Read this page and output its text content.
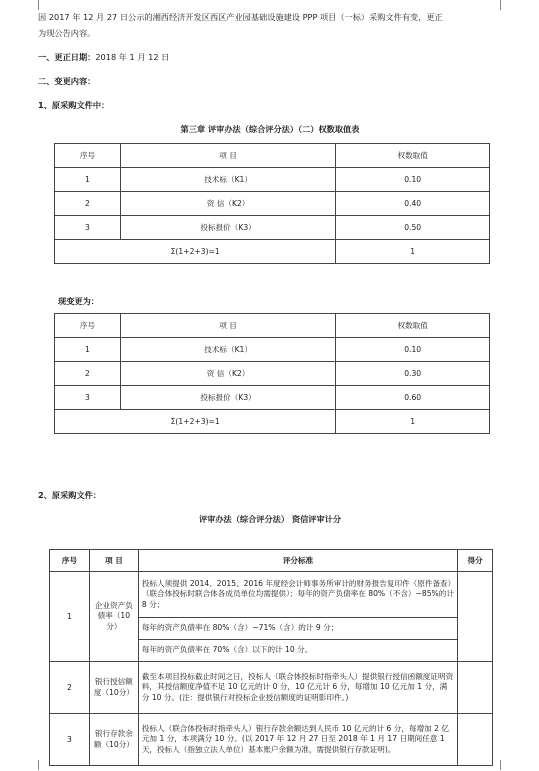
因 2017 年 12 月 27 日公示的湘西经济开发区西区产业园基础设施建设 PPP 项目（一标）采购文件有变，更正
为现公告内容。
一、更正日期：2018 年 1 月 12 日
二、变更内容：
1、原采购文件中：
第三章 评审办法（综合评分法）（二）权数取值表
序号	项 目	权数取值
1	技术标（K1）	0.10
2	资 信（K2）	0.40
3	投标报价（K3）	0.50
Σ(1+2+3)=1		1
现变更为：
序号	项 目	权数取值
1	技术标（K1）	0.10
2	资 信（K2）	0.30
3	投标报价（K3）	0.60
Σ(1+2+3)=1		1
2、原采购文件：
评审办法（综合评分法） 资信评审计分
序号	项 目	评分标准	得分
1	企业资产负债率（10分）	投标人须提供 2014、2015、2016 年度经会计师事务所审计的财务报告复印件（原件备查）（联合体投标时联合体各成员单位均需提供）；每年的资产负债率在 80%（不含）~85%的计 8 分；	
		每年的资产负债率在 80%（含）~71%（含）的计 9 分；	
		每年的资产负债率在 70%（含）以下的计 10 分。	
2	银行授信额度（10分）	截至本项目投标截止时间之日，投标人（联合体投标时指牵头人）提供银行授信函额度证明资料，其授信额度净值不足 10 亿元的计 0 分，10 亿元计 6 分，每增加 10 亿元加 1 分，满分 10 分。(注：提供银行对投标企业授信额度的证明影印件。)	
3	银行存款余额（10分）	投标人（联合体投标时指牵头人）银行存款余额达到人民币 10 亿元的计 6 分，每增加 2 亿元加 1 分，本项满分 10 分。(以 2017 年 12 月 27 日至 2018 年 1 月 17 日期间任意 1 天，投标人（指独立法人单位）基本账户余额为准，需提供银行存款证明)。	
